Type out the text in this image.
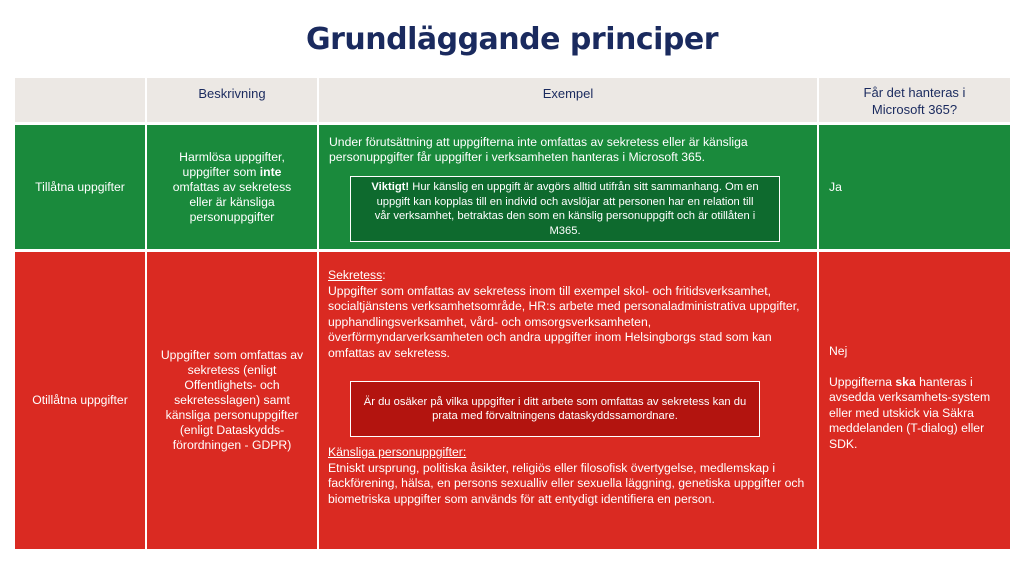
Grundläggande principer
Beskrivning	Exempel	Får det hanteras i Microsoft 365?
Tillåtna uppgifter
Harmlösa uppgifter, uppgifter som inte omfattas av sekretess eller är känsliga personuppgifter

Under förutsättning att uppgifterna inte omfattas av sekretess eller är känsliga personuppgifter får uppgifter i verksamheten hanteras i Microsoft 365.

Viktigt! Hur känslig en uppgift är avgörs alltid utifrån sitt sammanhang. Om en uppgift kan kopplas till en individ och avslöjar att personen har en relation till vår verksamhet, betraktas den som en känslig personuppgift och är otillåten i M365.
Ja
Otillåtna uppgifter
Uppgifter som omfattas av sekretess (enligt Offentlighets- och sekretesslagen) samt känsliga personuppgifter (enligt Dataskydds-förordningen - GDPR)

Sekretess:

Uppgifter som omfattas av sekretess inom till exempel skol- och fritidsverksamhet, socialtjänstens verksamhetsområde, HR:s arbete med personaladministrativa uppgifter, upphandlingsverksamhet, vård- och omsorgsverksamheten, överförmyndarverksamheten och andra uppgifter inom Helsingborgs stad som kan omfattas av sekretess.

Känsliga personuppgifter:

Etniskt ursprung, politiska åsikter, religiös eller filosofisk övertygelse, medlemskap i fackförening, hälsa, en persons sexualliv eller sexuella läggning, genetiska uppgifter och biometriska uppgifter som används för att entydigt identifiera en person.

Är du osäker på vilka uppgifter i ditt arbete som omfattas av sekretess kan du prata med förvaltningens dataskyddssamordnare.

Nej

Uppgifterna ska hanteras i avsedda verksamhets-system eller med utskick via Säkra meddelanden (T-dialog) eller SDK.
